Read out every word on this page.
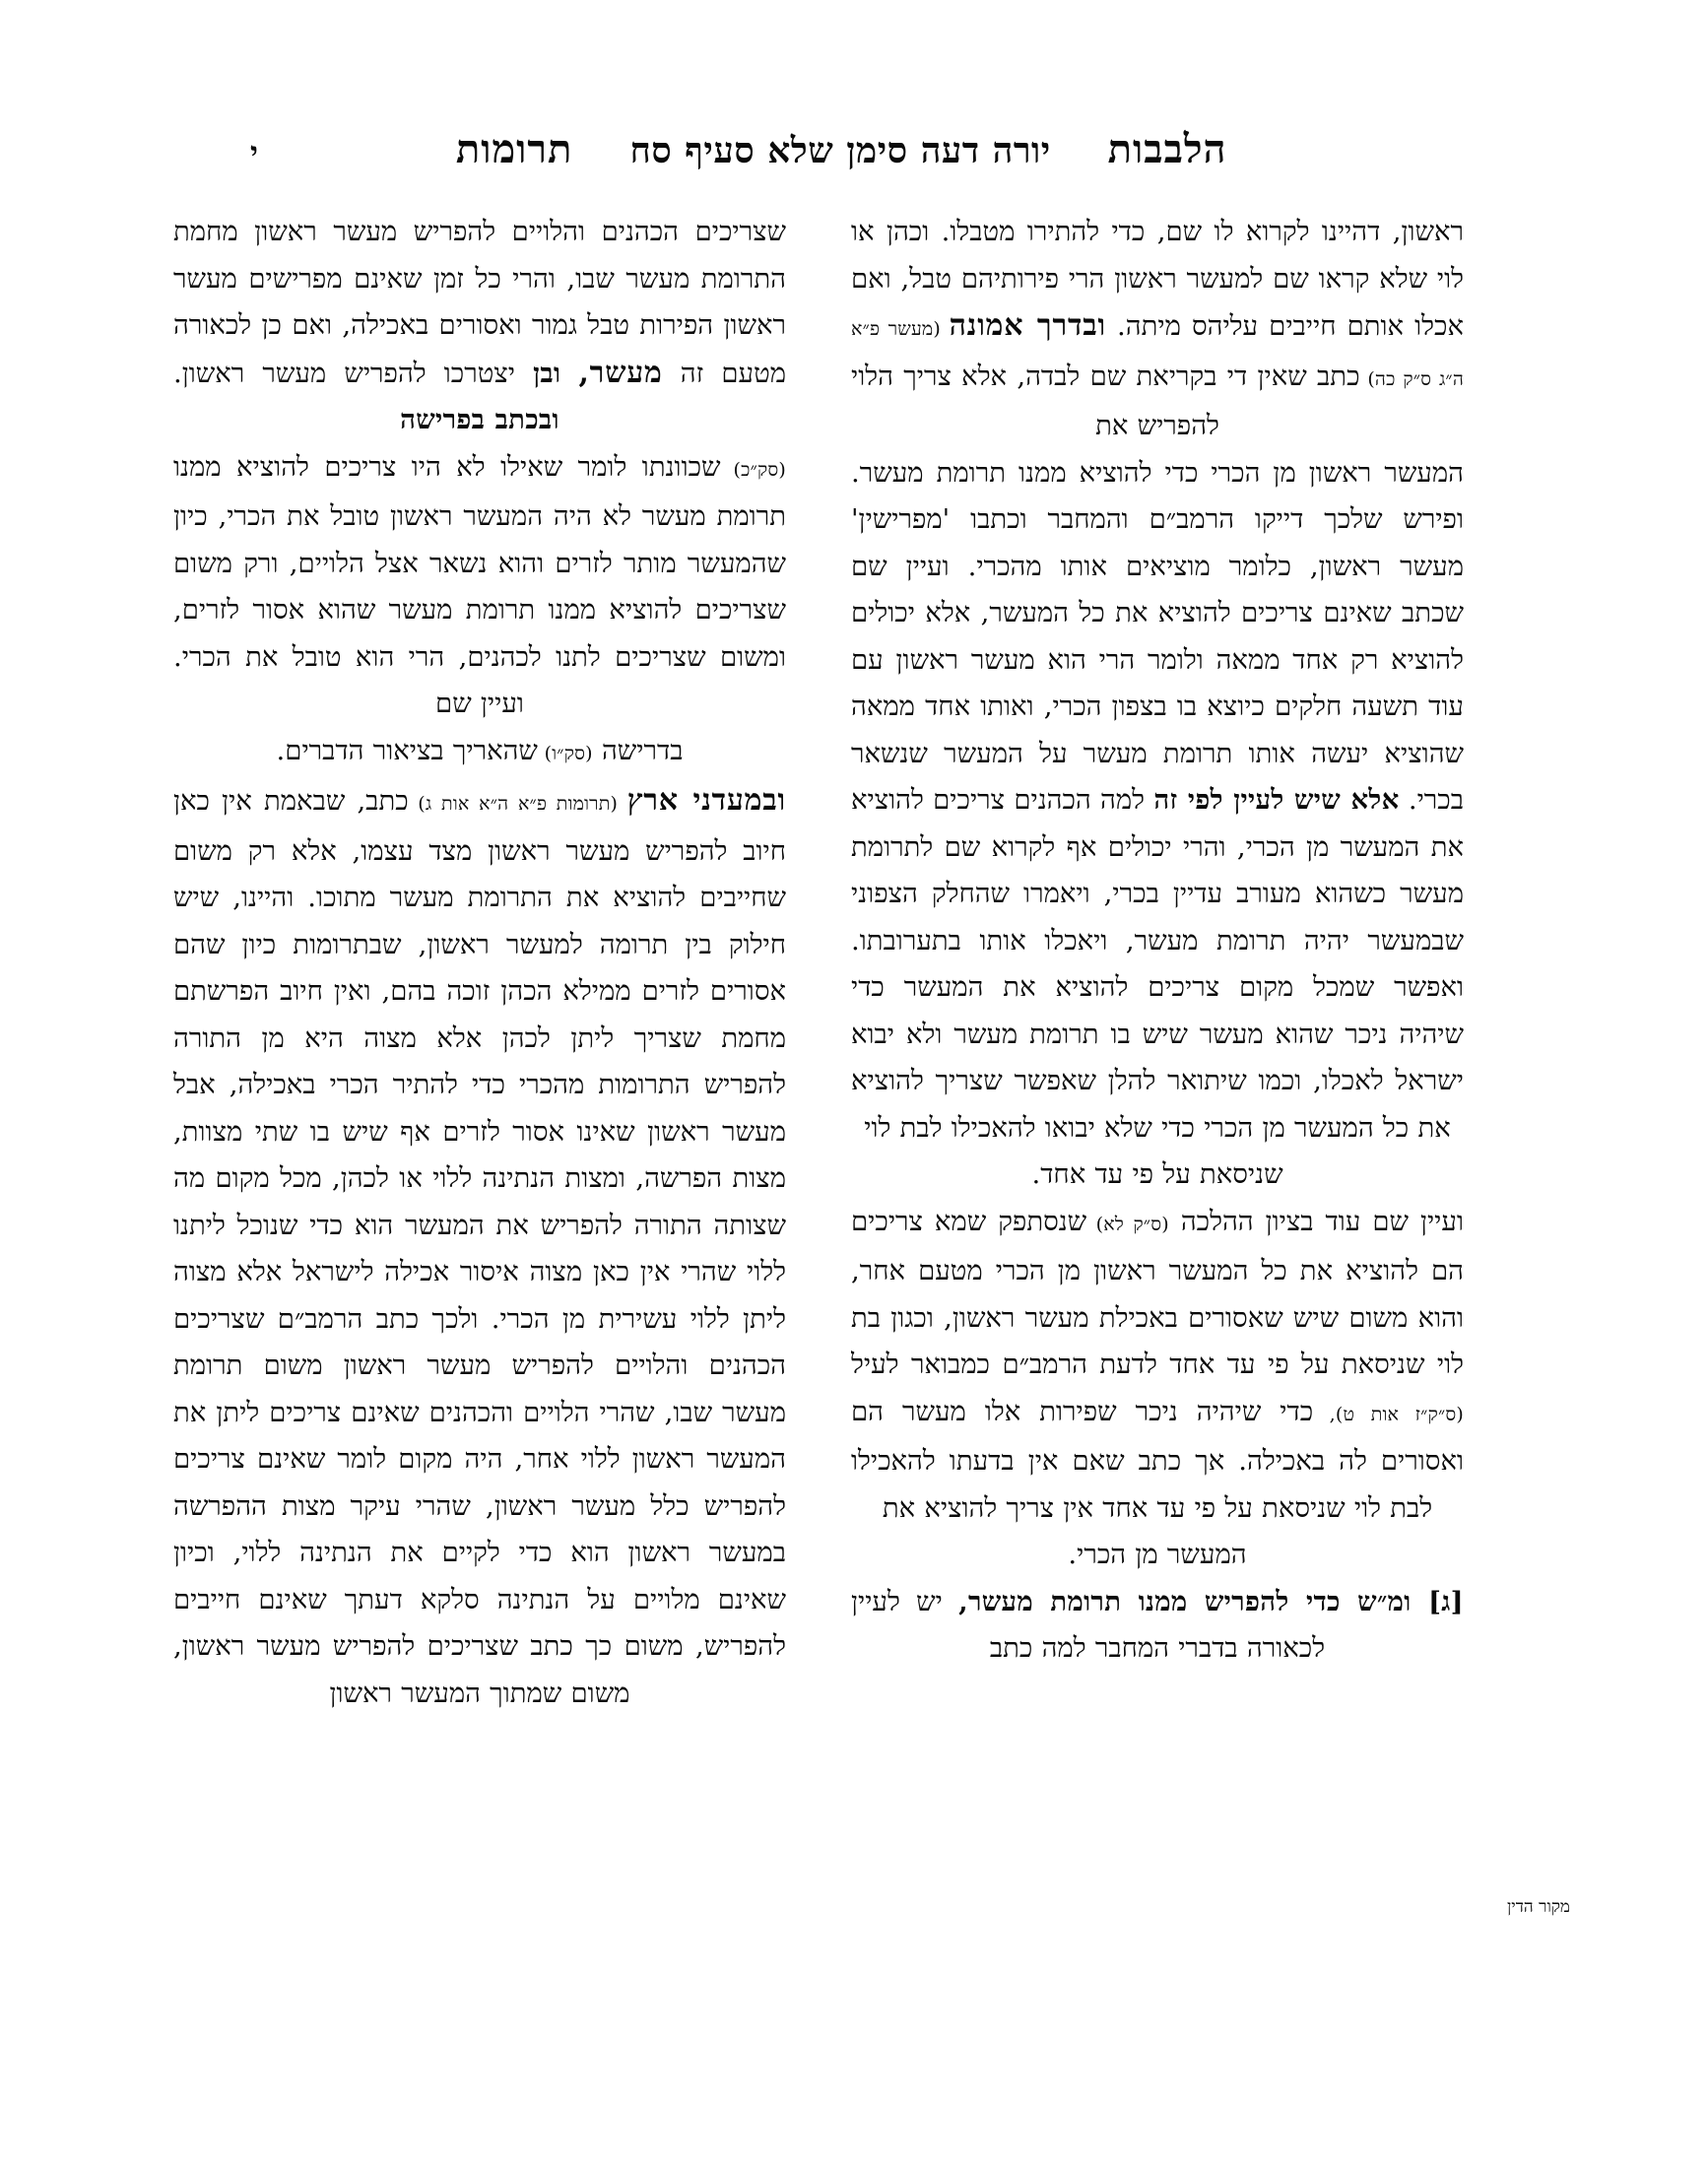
הלבבות
יורה דעה סימן שלא סעיף סח
תרומות
י

ראשון, דהיינו לקרוא לו שם, כדי להתירו מטבלו. וכהן או לוי שלא קראו שם למעשר ראשון הרי פירותיהם טבל, ואם אכלו אותם חייבים עליהס מיתה. ובדרך אמונה (מעשר פ״א ה״ג ס״ק כה) כתב שאין די בקריאת שם לבדה, אלא צריך הלוי להפריש את

המעשר ראשון מן הכרי כדי להוציא ממנו תרומת מעשר. ופירש שלכך דייקו הרמב״ם והמחבר וכתבו 'מפרישין' מעשר ראשון, כלומר מוציאים אותו מהכרי. ועיין שם שכתב שאינם צריכים להוציא את כל המעשר, אלא יכולים להוציא רק אחד ממאה ולומר הרי הוא מעשר ראשון עם עוד תשעה חלקים כיוצא בו בצפון הכרי, ואותו אחד ממאה שהוציא יעשה אותו תרומת מעשר על המעשר שנשאר בכרי. אלא שיש לעיין לפי זה למה הכהנים צריכים להוציא את המעשר מן הכרי, והרי יכולים אף לקרוא שם לתרומת מעשר כשהוא מעורב עדיין בכרי, ויאמרו שהחלק הצפוני שבמעשר יהיה תרומת מעשר, ויאכלו אותו בתערובתו. ואפשר שמכל מקום צריכים להוציא את המעשר כדי שיהיה ניכר שהוא מעשר שיש בו תרומת מעשר ולא יבוא ישראל לאכלו, וכמו שיתואר להלן שאפשר שצריך להוציא את כל המעשר מן הכרי כדי שלא יבואו להאכילו לבת לוי

שניסאת על פי עד אחד.

ועיין שם עוד בציון ההלכה (ס״ק לא) שנסתפק שמא צריכים הם להוציא את כל המעשר ראשון מן הכרי מטעם אחר, והוא משום שיש שאסורים באכילת מעשר ראשון, וכגון בת לוי שניסאת על פי עד אחד לדעת הרמב״ם כמבואר לעיל (ס״ק״ז אות ט), כדי שיהיה ניכר שפירות אלו מעשר הם ואסורים לה באכילה. אך כתב שאם אין בדעתו להאכילו לבת לוי שניסאת על פי עד אחד אין צריך להוציא את

המעשר מן הכרי.

[ג] ומ״ש כדי להפריש ממנו תרומת מעשר, יש לעיין לכאורה בדברי המחבר למה כתב

שצריכים הכהנים והלויים להפריש מעשר ראשון מחמת התרומת מעשר שבו, והרי כל זמן שאינם מפרישים מעשר ראשון הפירות טבל גמור ואסורים באכילה, ואם כן לכאורה מטעם זה מעשר, ובן יצטרכו להפריש מעשר ראשון. ובכתב בפרישה

(סק״כ) שכוונתו לומר שאילו לא היו צריכים להוציא ממנו תרומת מעשר לא היה המעשר ראשון טובל את הכרי, כיון שהמעשר מותר לזרים והוא נשאר אצל הלויים, ורק משום שצריכים להוציא ממנו תרומת מעשר שהוא אסור לזרים, ומשום שצריכים לתנו לכהנים, הרי הוא טובל את הכרי. ועיין שם

בדרישה (סק״ו) שהאריך בציאור הדברים.

ובמעדני ארץ (תרומות פ״א ה״א אות ג) כתב, שבאמת אין כאן חיוב להפריש מעשר ראשון מצד עצמו, אלא רק משום שחייבים להוציא את התרומת מעשר מתוכו. והיינו, שיש חילוק בין תרומה למעשר ראשון, שבתרומות כיון שהם אסורים לזרים ממילא הכהן זוכה בהם, ואין חיוב הפרשתם מחמת שצריך ליתן לכהן אלא מצוה היא מן התורה להפריש התרומות מהכרי כדי להתיר הכרי באכילה, אבל מעשר ראשון שאינו אסור לזרים אף שיש בו שתי מצוות, מצות הפרשה, ומצות הנתינה ללוי או לכהן, מכל מקום מה שצותה התורה להפריש את המעשר הוא כדי שנוכל ליתנו ללוי שהרי אין כאן מצוה איסור אכילה לישראל אלא מצוה ליתן ללוי עשירית מן הכרי. ולכך כתב הרמב״ם שצריכים הכהנים והלויים להפריש מעשר ראשון משום תרומת מעשר שבו, שהרי הלויים והכהנים שאינם צריכים ליתן את המעשר ראשון ללוי אחר, היה מקום לומר שאינם צריכים להפריש כלל מעשר ראשון, שהרי עיקר מצות ההפרשה במעשר ראשון הוא כדי לקיים את הנתינה ללוי, וכיון שאינם מלויים על הנתינה סלקא דעתך שאינם חייבים להפריש, משום כך כתב שצריכים להפריש מעשר ראשון, משום שמתוך המעשר ראשון

מקור הדין
